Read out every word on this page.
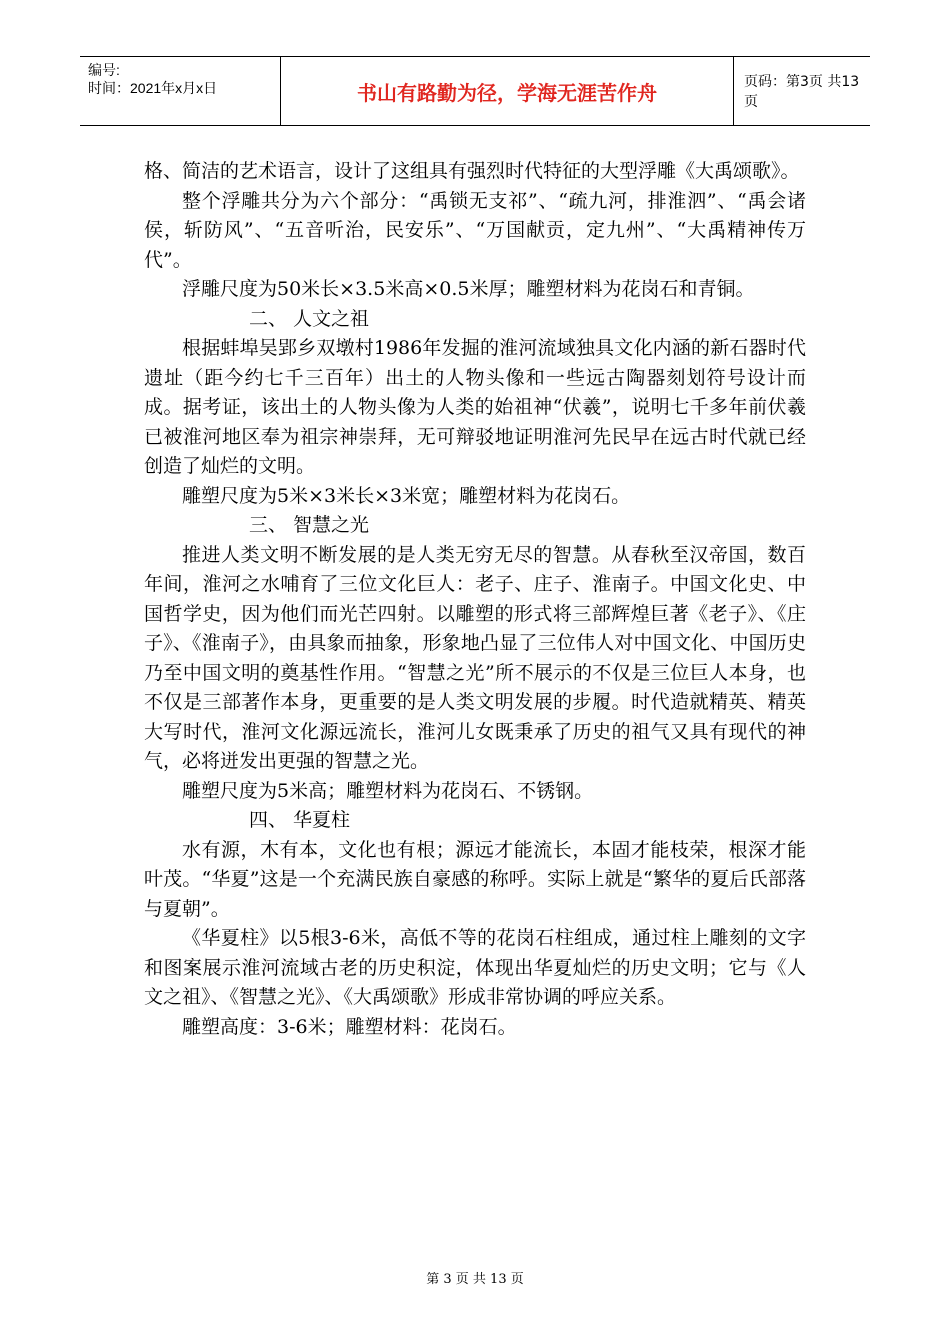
编号:
时间：2021年x月x日	书山有路勤为径，学海无涯苦作舟	页码：第3页 共13页

格、简洁的艺术语言，设计了这组具有强烈时代特征的大型浮雕《大禹颂歌》。

整个浮雕共分为六个部分：“禹锁无支祁”、“疏九河，排淮泗”、“禹会诸侯，斩防风”、“五音听治，民安乐”、“万国献贡，定九州”、“大禹精神传万代”。

浮雕尺度为50米长×3.5米高×0.5米厚；雕塑材料为花岗石和青铜。

二、 人文之祖

根据蚌埠吴郢乡双墩村1986年发掘的淮河流域独具文化内涵的新石器时代遗址（距今约七千三百年）出土的人物头像和一些远古陶器刻划符号设计而成。据考证，该出土的人物头像为人类的始祖神“伏羲”，说明七千多年前伏羲已被淮河地区奉为祖宗神崇拜，无可辩驳地证明淮河先民早在远古时代就已经创造了灿烂的文明。

雕塑尺度为5米×3米长×3米宽；雕塑材料为花岗石。

三、 智慧之光

推进人类文明不断发展的是人类无穷无尽的智慧。从春秋至汉帝国，数百年间，淮河之水哺育了三位文化巨人：老子、庄子、淮南子。中国文化史、中国哲学史，因为他们而光芒四射。以雕塑的形式将三部辉煌巨著《老子》、《庄子》、《淮南子》，由具象而抽象，形象地凸显了三位伟人对中国文化、中国历史乃至中国文明的奠基性作用。“智慧之光”所不展示的不仅是三位巨人本身，也不仅是三部著作本身，更重要的是人类文明发展的步履。时代造就精英、精英大写时代，淮河文化源远流长，淮河儿女既秉承了历史的祖气又具有现代的神气，必将迸发出更强的智慧之光。

雕塑尺度为5米高；雕塑材料为花岗石、不锈钢。

四、 华夏柱

水有源，木有本，文化也有根；源远才能流长，本固才能枝荣，根深才能叶茂。“华夏”这是一个充满民族自豪感的称呼。实际上就是“繁华的夏后氏部落与夏朝”。

《华夏柱》以5根3-6米，高低不等的花岗石柱组成，通过柱上雕刻的文字和图案展示淮河流域古老的历史积淀，体现出华夏灿烂的历史文明；它与《人文之祖》、《智慧之光》、《大禹颂歌》形成非常协调的呼应关系。

雕塑高度：3-6米；雕塑材料：花岗石。

第 3 页 共 13 页
